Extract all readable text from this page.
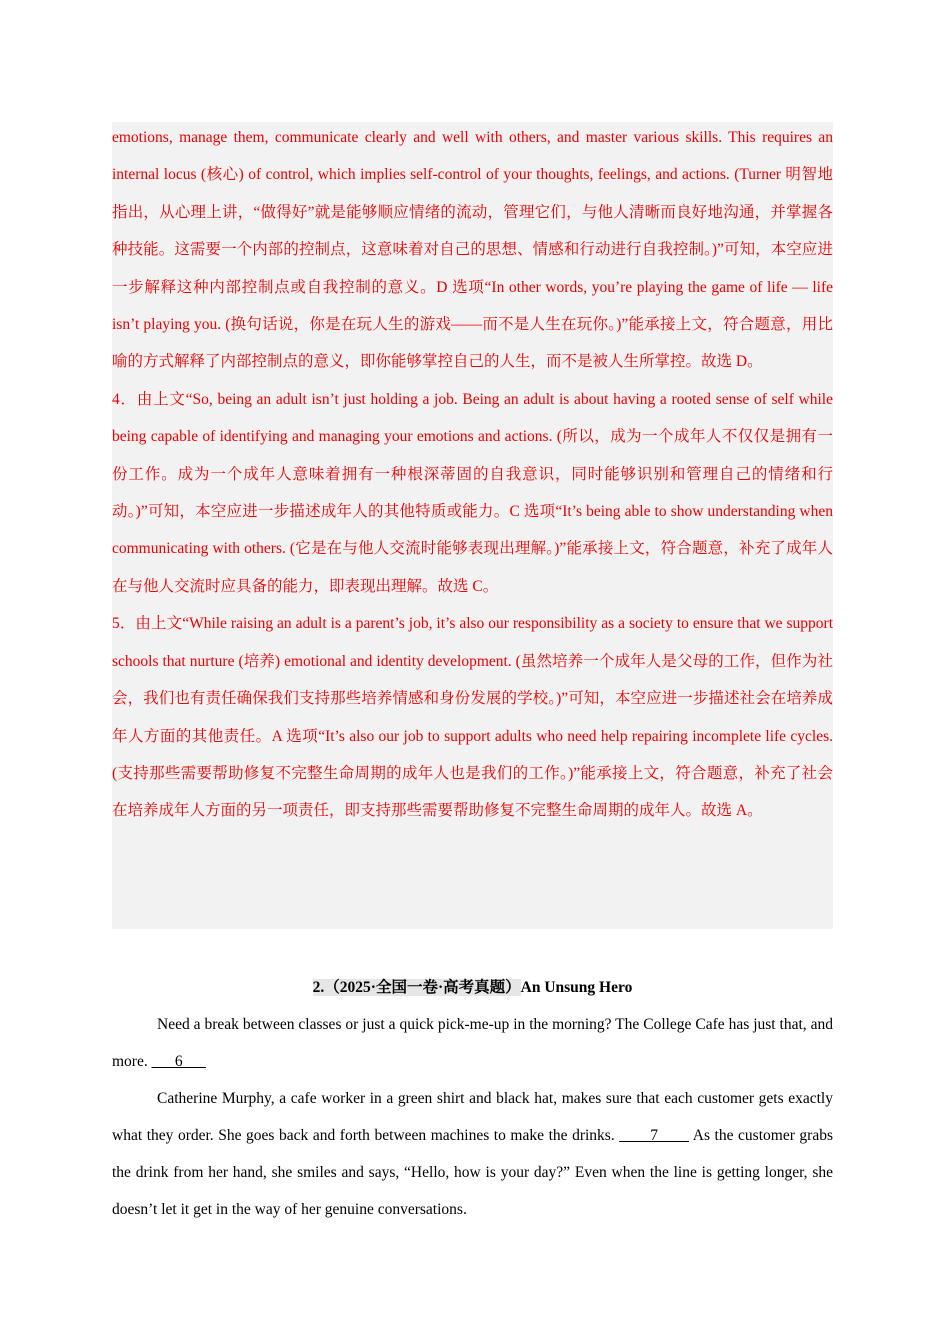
emotions, manage them, communicate clearly and well with others, and master various skills. This requires an internal locus (核心) of control, which implies self-control of your thoughts, feelings, and actions. (Turner 明智地指出，从心理上讲，“做得好”就是能够顺应情绪的流动，管理它们，与他人清晰而良好地沟通，并掌握各种技能。这需要一个内部的控制点，这意味着对自己的思想、情感和行动进行自我控制。)”可知，本空应进一步解释这种内部控制点或自我控制的意义。D 选项“In other words, you’re playing the game of life — life isn’t playing you. (换句话说，你是在玩人生的游戏——而不是人生在玩你。)”能承接上文，符合题意，用比喻的方式解释了内部控制点的意义，即你能够掌控自己的人生，而不是被人生所掌控。故选 D。

4．由上文“So, being an adult isn’t just holding a job. Being an adult is about having a rooted sense of self while being capable of identifying and managing your emotions and actions. (所以，成为一个成年人不仅仅是拥有一份工作。成为一个成年人意味着拥有一种根深蒂固的自我意识，同时能够识别和管理自己的情绪和行动。)”可知，本空应进一步描述成年人的其他特质或能力。C 选项“It’s being able to show understanding when communicating with others. (它是在与他人交流时能够表现出理解。)”能承接上文，符合题意，补充了成年人在与他人交流时应具备的能力，即表现出理解。故选 C。

5．由上文“While raising an adult is a parent’s job, it’s also our responsibility as a society to ensure that we support schools that nurture (培养) emotional and identity development. (虽然培养一个成年人是父母的工作，但作为社会，我们也有责任确保我们支持那些培养情感和身份发展的学校。)”可知，本空应进一步描述社会在培养成年人方面的其他责任。A 选项“It’s also our job to support adults who need help repairing incomplete life cycles. (支持那些需要帮助修复不完整生命周期的成年人也是我们的工作。)”能承接上文，符合题意，补充了社会在培养成年人方面的另一项责任，即支持那些需要帮助修复不完整生命周期的成年人。故选 A。

2.（2025·全国一卷·高考真题）An Unsung Hero

Need a break between classes or just a quick pick-me-up in the morning? The College Cafe has just that, and more. ___6___

Catherine Murphy, a cafe worker in a green shirt and black hat, makes sure that each customer gets exactly what they order. She goes back and forth between machines to make the drinks. ____7____ As the customer grabs the drink from her hand, she smiles and says, “Hello, how is your day?” Even when the line is getting longer, she doesn’t let it get in the way of her genuine conversations.
